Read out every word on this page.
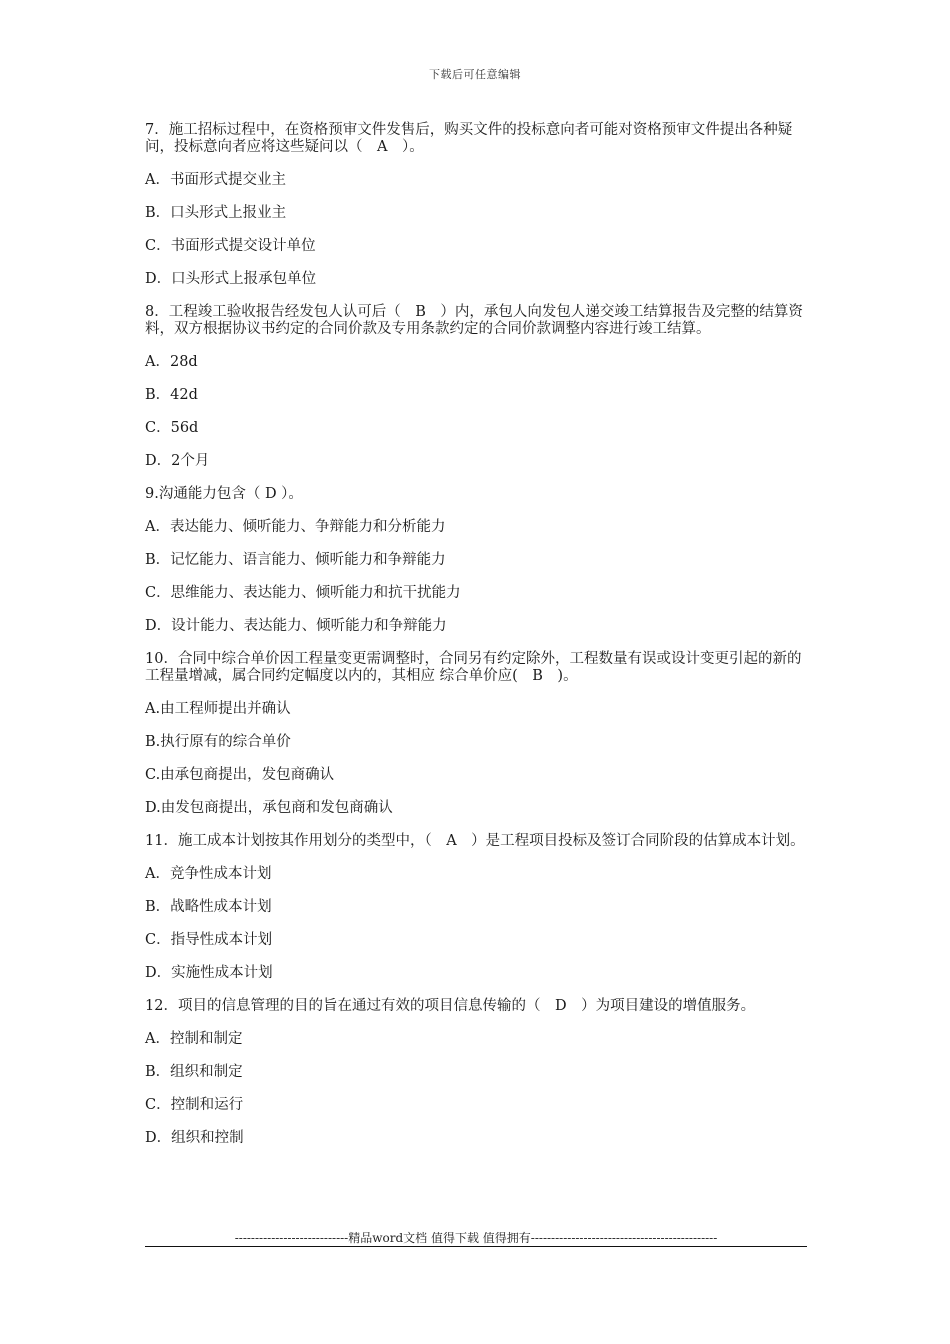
下载后可任意编辑
7．施工招标过程中，在资格预审文件发售后，购买文件的投标意向者可能对资格预审文件提出各种疑问，投标意向者应将这些疑问以（　A　）。
A．书面形式提交业主
B．口头形式上报业主
C．书面形式提交设计单位
D．口头形式上报承包单位
8．工程竣工验收报告经发包人认可后（　B　）内，承包人向发包人递交竣工结算报告及完整的结算资料，双方根据协议书约定的合同价款及专用条款约定的合同价款调整内容进行竣工结算。
A．28d
B．42d
C．56d
D．2个月
9.沟通能力包含（ D ）。
A．表达能力、倾听能力、争辩能力和分析能力
B．记忆能力、语言能力、倾听能力和争辩能力
C．思维能力、表达能力、倾听能力和抗干扰能力
D．设计能力、表达能力、倾听能力和争辩能力
10．合同中综合单价因工程量变更需调整时，合同另有约定除外，工程数量有误或设计变更引起的新的工程量增减，属合同约定幅度以内的，其相应 综合单价应(　B　)。
A.由工程师提出并确认
B.执行原有的综合单价
C.由承包商提出，发包商确认
D.由发包商提出，承包商和发包商确认
11．施工成本计划按其作用划分的类型中，（　A　）是工程项目投标及签订合同阶段的估算成本计划。
A．竞争性成本计划
B．战略性成本计划
C．指导性成本计划
D．实施性成本计划
12．项目的信息管理的目的旨在通过有效的项目信息传输的（　D　）为项目建设的增值服务。
A．控制和制定
B．组织和制定
C．控制和运行
D．组织和控制
----------------------------精品word文档 值得下载 值得拥有----------------------------------------------
